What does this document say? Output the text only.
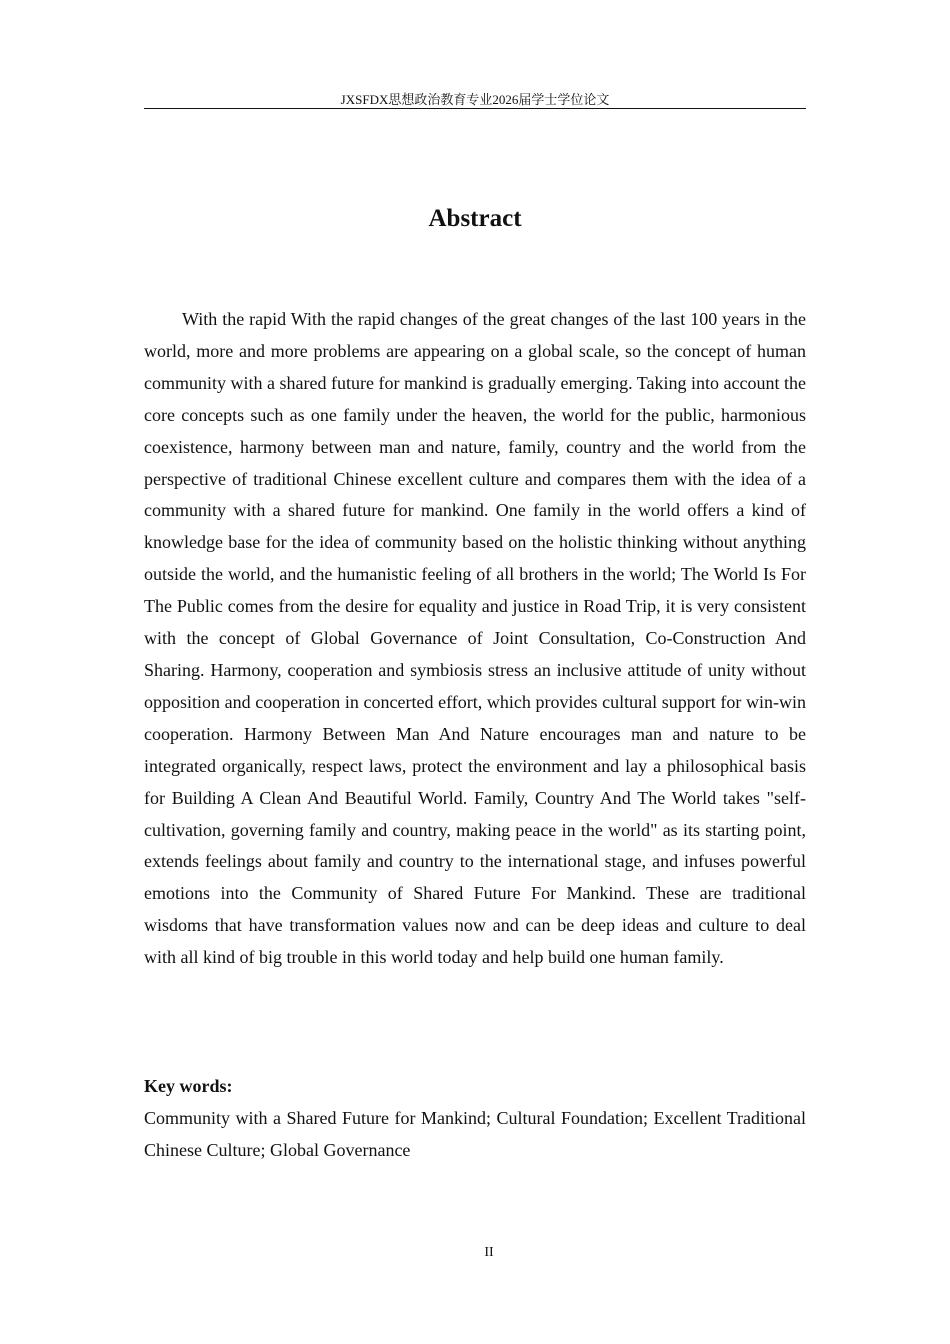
JXSFDX思想政治教育专业2026届学士学位论文
Abstract

With the rapid With the rapid changes of the great changes of the last 100 years in the world, more and more problems are appearing on a global scale, so the concept of human community with a shared future for mankind is gradually emerging. Taking into account the core concepts such as one family under the heaven, the world for the public, harmonious coexistence, harmony between man and nature, family, country and the world from the perspective of traditional Chinese excellent culture and compares them with the idea of a community with a shared future for mankind. One family in the world offers a kind of knowledge base for the idea of community based on the holistic thinking without anything outside the world, and the humanistic feeling of all brothers in the world; The World Is For The Public comes from the desire for equality and justice in Road Trip, it is very consistent with the concept of Global Governance of Joint Consultation, Co-Construction And Sharing. Harmony, cooperation and symbiosis stress an inclusive attitude of unity without opposition and cooperation in concerted effort, which provides cultural support for win-win cooperation. Harmony Between Man And Nature encourages man and nature to be integrated organically, respect laws, protect the environment and lay a philosophical basis for Building A Clean And Beautiful World. Family, Country And The World takes "self-cultivation, governing family and country, making peace in the world" as its starting point, extends feelings about family and country to the international stage, and infuses powerful emotions into the Community of Shared Future For Mankind. These are traditional wisdoms that have transformation values now and can be deep ideas and culture to deal with all kind of big trouble in this world today and help build one human family.

Key words:

Community with a Shared Future for Mankind; Cultural Foundation; Excellent Traditional Chinese Culture; Global Governance

II
